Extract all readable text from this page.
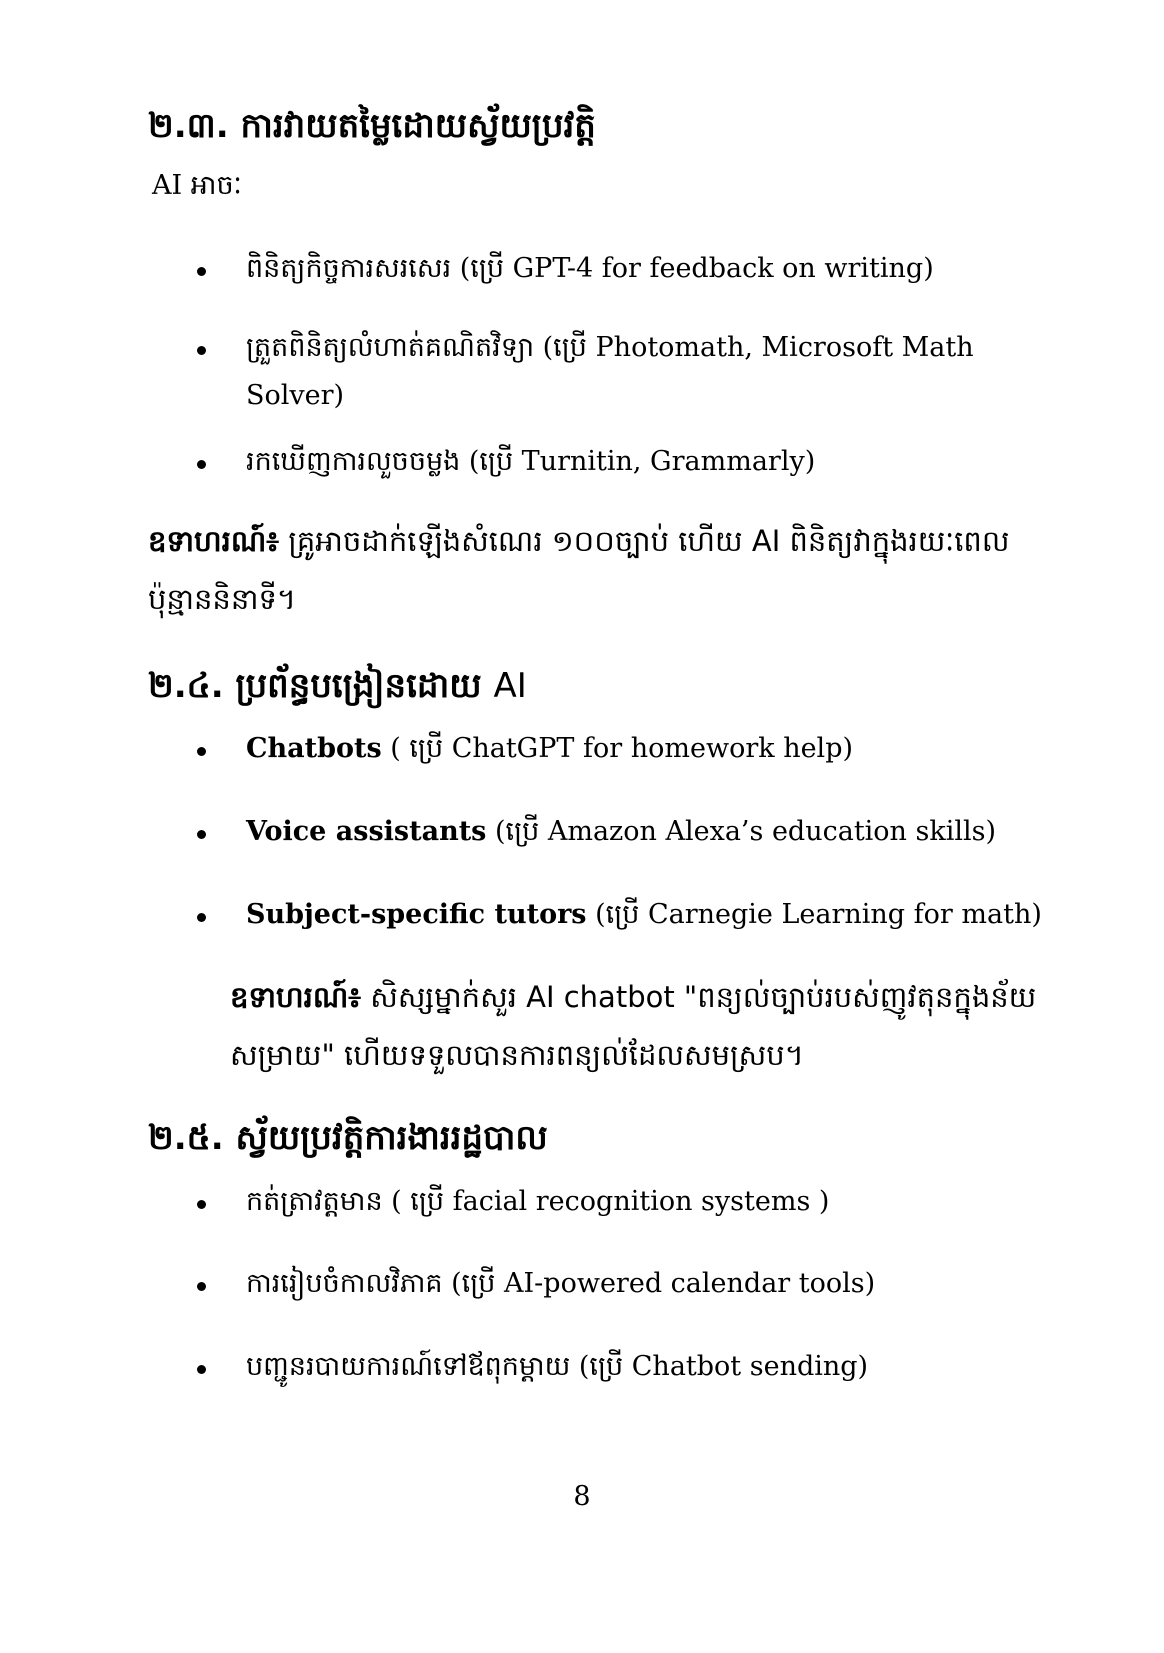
២.៣. ការវាយតម្លៃដោយស្វ័យប្រវត្តិ
AI អាចៈ
ពិនិត្យកិច្ចការសរសេរ (ប្រើ GPT-4 for feedback on writing)
ត្រួតពិនិត្យលំហាត់គណិតវិទ្យា (ប្រើ Photomath, Microsoft Math Solver)
រកឃើញការលួចចម្លង (ប្រើ Turnitin, Grammarly)
ឧទាហរណ៍៖ គ្រូអាចដាក់ឡើងសំណេរ ១០០ច្បាប់ ហើយ AI ពិនិត្យវាក្នុងរយៈពេលប៉ុន្មាននិនាទី។
២.៤. ប្រព័ន្ធបង្រៀនដោយ AI
Chatbots ( ប្រើ ChatGPT for homework help)
Voice assistants (ប្រើ Amazon Alexa’s education skills)
Subject-specific tutors (ប្រើ Carnegie Learning for math)
ឧទាហរណ៍៖ សិស្សម្នាក់សួរ AI chatbot "ពន្យល់ច្បាប់របស់ញូវតុនក្នុងន័យសម្រាយ" ហើយទទួលបានការពន្យល់ដែលសមស្រប។
២.៥. ស្វ័យប្រវត្តិការងាររដ្ឋបាល
កត់ត្រាវត្តមាន ( ប្រើ facial recognition systems )
ការរៀបចំកាលវិភាគ (ប្រើ AI-powered calendar tools)
បញ្ជូនរបាយការណ៍ទៅឪពុកម្ដាយ (ប្រើ Chatbot sending)
8
